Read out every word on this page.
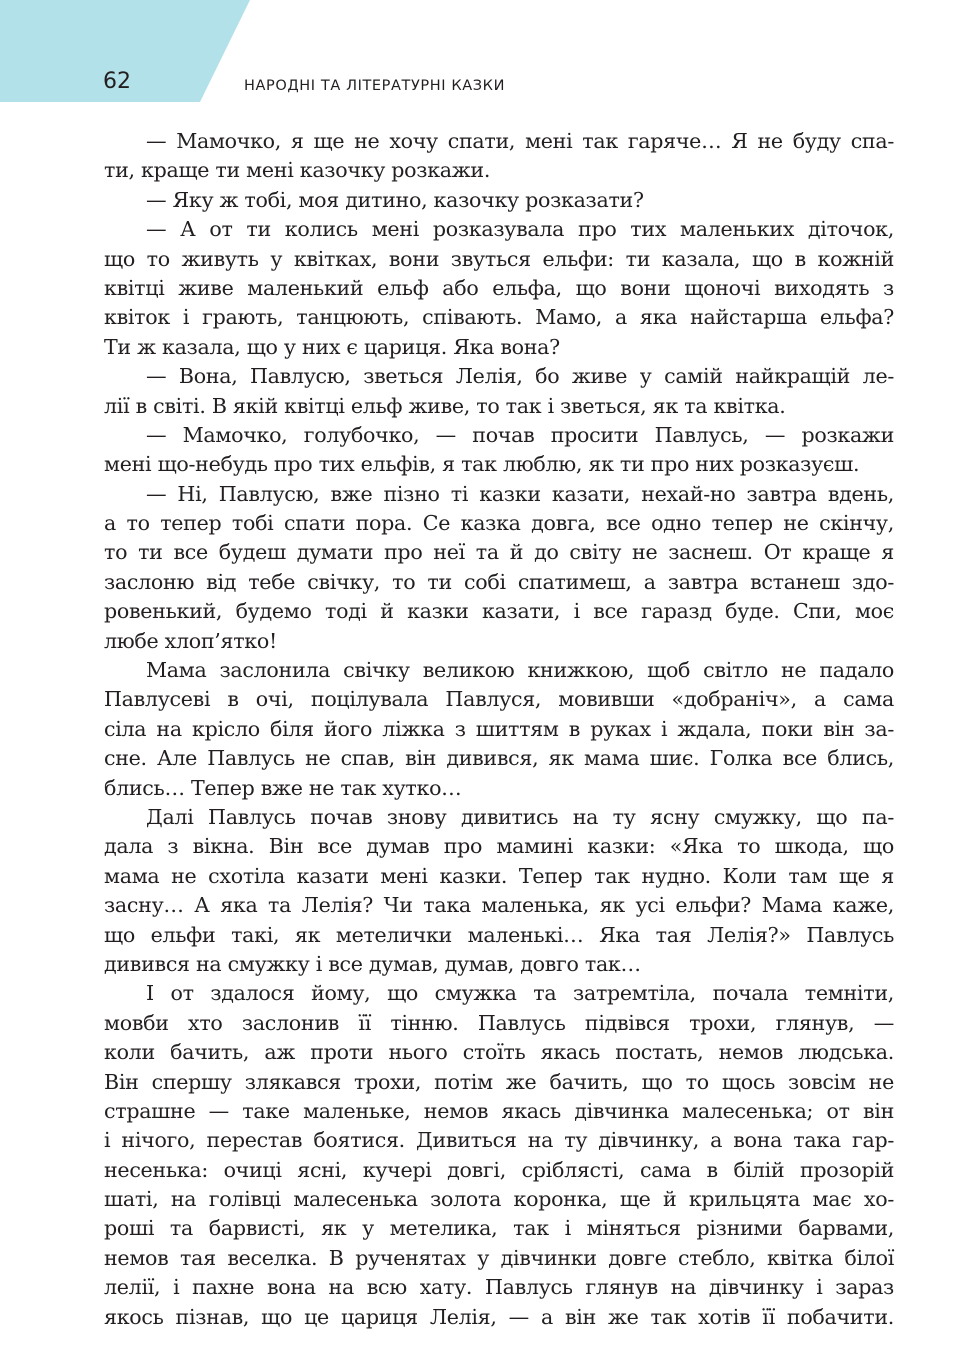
62	НАРОДНІ ТА ЛІТЕРАТУРНІ КАЗКИ
— Мамочко, я ще не хочу спати, мені так гаряче… Я не буду спа-
ти, краще ти мені казочку розкажи.
— Яку ж тобі, моя дитино, казочку розказати?
— А от ти колись мені розказувала про тих маленьких діточок,
що то живуть у квітках, вони звуться ельфи: ти казала, що в кожній
квітці живе маленький ельф або ельфа, що вони щоночі виходять з
квіток і грають, танцюють, співають. Мамо, а яка найстарша ельфа?
Ти ж казала, що у них є цариця. Яка вона?
— Вона, Павлусю, зветься Лелія, бо живе у самій найкращій ле-
лії в світі. В якій квітці ельф живе, то так і зветься, як та квітка.
— Мамочко, голубочко, — почав просити Павлусь, — розкажи
мені що-небудь про тих ельфів, я так люблю, як ти про них розказуєш.
— Ні, Павлусю, вже пізно ті казки казати, нехай-но завтра вдень,
а то тепер тобі спати пора. Се казка довга, все одно тепер не скінчу,
то ти все будеш думати про неї та й до світу не заснеш. От краще я
заслоню від тебе свічку, то ти собі спатимеш, а завтра встанеш здо-
ровенький, будемо тоді й казки казати, і все гаразд буде. Спи, моє
любе хлоп’ятко!
Мама заслонила свічку великою книжкою, щоб світло не падало
Павлусеві в очі, поцілувала Павлуся, мовивши «добраніч», а сама
сіла на крісло біля його ліжка з шиттям в руках і ждала, поки він за-
сне. Але Павлусь не спав, він дивився, як мама шиє. Голка все блись,
блись… Тепер вже не так хутко…
Далі Павлусь почав знову дивитись на ту ясну смужку, що па-
дала з вікна. Він все думав про мамині казки: «Яка то шкода, що
мама не схотіла казати мені казки. Тепер так нудно. Коли там ще я
засну… А яка та Лелія? Чи така маленька, як усі ельфи? Мама каже,
що ельфи такі, як метелички маленькі… Яка тая Лелія?» Павлусь
дивився на смужку і все думав, думав, довго так…
І от здалося йому, що смужка та затремтіла, почала темніти,
мовби хто заслонив її тінню. Павлусь підвівся трохи, глянув, —
коли бачить, аж проти нього стоїть якась постать, немов людська.
Він спершу злякався трохи, потім же бачить, що то щось зовсім не
страшне — таке маленьке, немов якась дівчинка малесенька; от він
і нічого, перестав боятися. Дивиться на ту дівчинку, а вона така гар-
несенька: очиці ясні, кучері довгі, сріблясті, сама в білій прозорій
шаті, на голівці малесенька золота коронка, ще й крильцята має хо-
роші та барвисті, як у метелика, так і міняться різними барвами,
немов тая веселка. В рученятах у дівчинки довге стебло, квітка білої
лелії, і пахне вона на всю хату. Павлусь глянув на дівчинку і зараз
якось пізнав, що це цариця Лелія, — а він же так хотів її побачити.
